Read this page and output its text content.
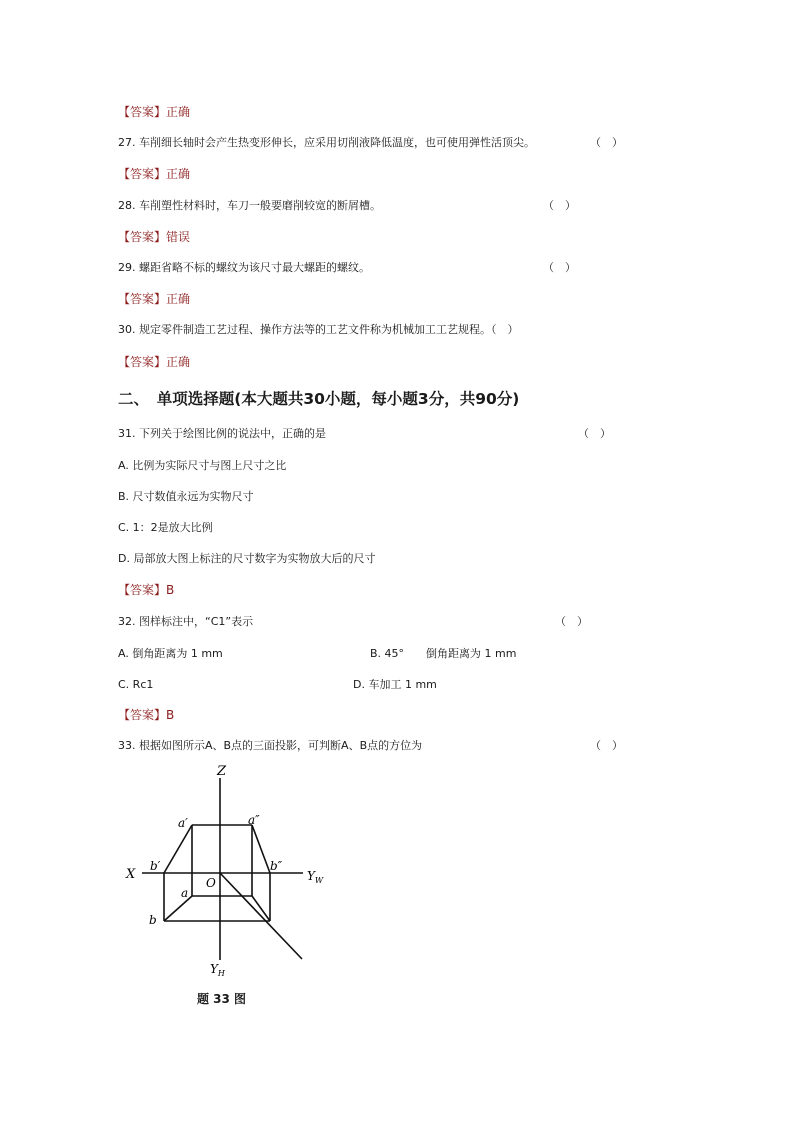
【答案】正确
27. 车削细长轴时会产生热变形伸长，应采用切削液降低温度，也可使用弹性活顶尖。	（　）
【答案】正确
28. 车削塑性材料时，车刀一般要磨削较宽的断屑槽。	（　）
【答案】错误
29. 螺距省略不标的螺纹为该尺寸最大螺距的螺纹。	（　）
【答案】正确
30. 规定零件制造工艺过程、操作方法等的工艺文件称为机械加工工艺规程。（　）
【答案】正确
二、　单项选择题(本大题共30小题，每小题3分，共90分)
31. 下列关于绘图比例的说法中，正确的是	（　）
A. 比例为实际尺寸与图上尺寸之比
B. 尺寸数值永远为实物尺寸
C. 1：2是放大比例
D. 局部放大图上标注的尺寸数字为实物放大后的尺寸
【答案】B
32. 图样标注中，“C1”表示	（　）
A. 倒角距离为 1 mm	B. 45°　　倒角距离为 1 mm
C. Rc1	D. 车加工 1 mm
【答案】B
33. 根据如图所示A、B点的三面投影，可判断A、B点的方位为	（　）
Z
X
O	$Y_W$
$Y_H$
a′	a″
b′	b″
a
b
题 33 图
